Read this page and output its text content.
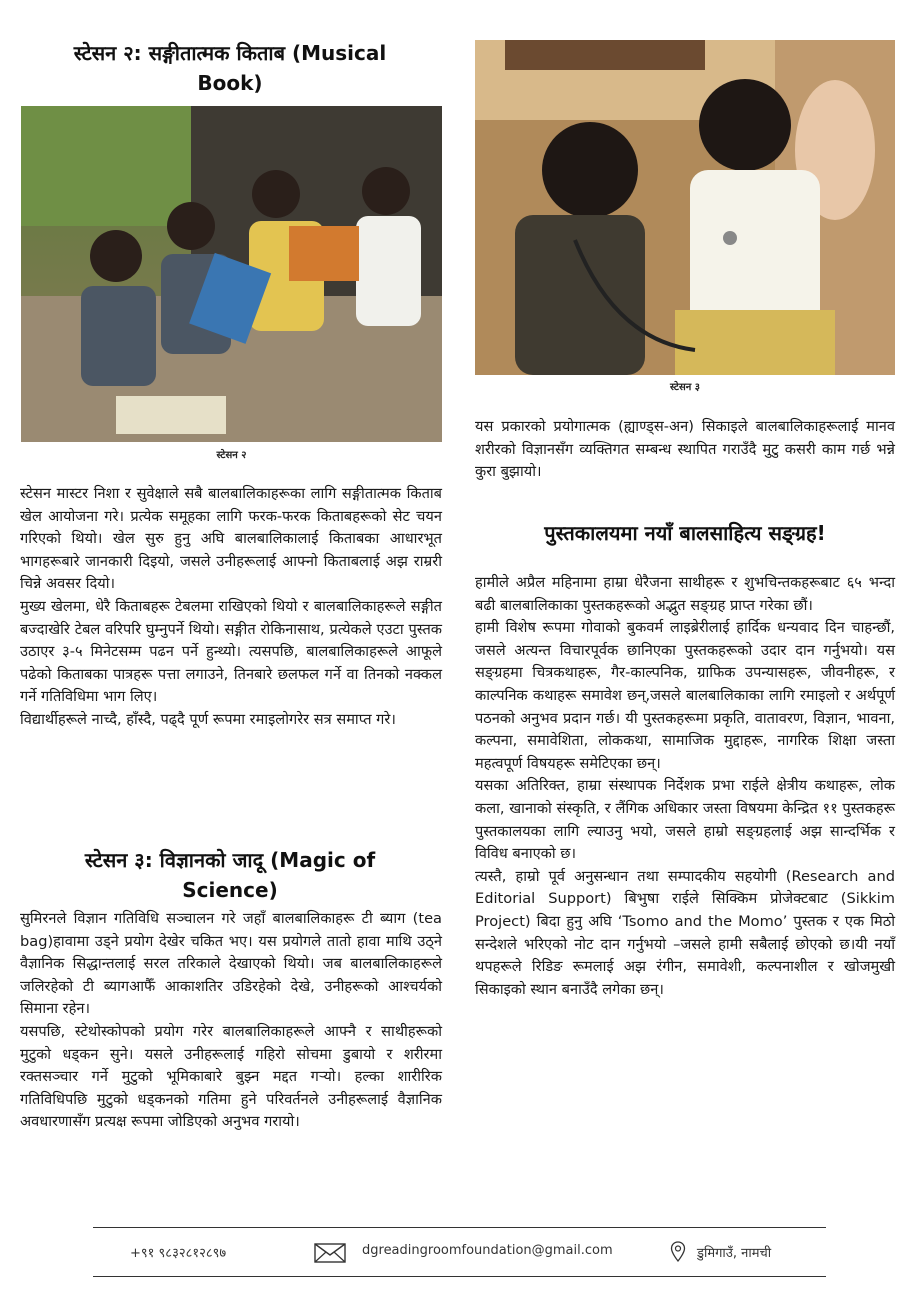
स्टेसन २: सङ्गीतात्मक किताब (Musical Book)
स्टेसन २

स्टेसन मास्टर निशा र सुवेक्षाले सबै बालबालिकाहरूका लागि सङ्गीतात्मक किताब खेल आयोजना गरे। प्रत्येक समूहका लागि फरक-फरक किताबहरूको सेट चयन गरिएको थियो। खेल सुरु हुनु अघि बालबालिकालाई किताबका आधारभूत भागहरूबारे जानकारी दिइयो, जसले उनीहरूलाई आफ्नो किताबलाई अझ राम्ररी चिन्ने अवसर दियो।

मुख्य खेलमा, धेरै किताबहरू टेबलमा राखिएको थियो र बालबालिकाहरूले सङ्गीत बज्दाखेरि टेबल वरिपरि घुम्नुपर्ने थियो। सङ्गीत रोकिनासाथ, प्रत्येकले एउटा पुस्तक उठाएर ३-५ मिनेटसम्म पढन पर्ने हुन्थ्यो। त्यसपछि, बालबालिकाहरूले आफूले पढेको किताबका पात्रहरू पत्ता लगाउने, तिनबारे छलफल गर्ने वा तिनको नक्कल गर्ने गतिविधिमा भाग लिए।

विद्यार्थीहरूले नाच्दै, हाँस्दै, पढ्दै पूर्ण रूपमा रमाइलोगरेर सत्र समाप्त गरे।

स्टेसन ३: विज्ञानको जादू (Magic of Science)

सुमिरनले विज्ञान गतिविधि सञ्चालन गरे जहाँ बालबालिकाहरू टी ब्याग (tea bag)हावामा उड्ने प्रयोग देखेर चकित भए। यस प्रयोगले तातो हावा माथि उठ्ने वैज्ञानिक सिद्धान्तलाई सरल तरिकाले देखाएको थियो। जब बालबालिकाहरूले जलिरहेको टी ब्यागआफैँ आकाशतिर उडिरहेको देखे, उनीहरूको आश्चर्यको सिमाना रहेन।

यसपछि, स्टेथोस्कोपको प्रयोग गरेर बालबालिकाहरूले आफ्नै र साथीहरूको मुटुको धड्कन सुने। यसले उनीहरूलाई गहिरो सोचमा डुबायो र शरीरमा रक्तसञ्चार गर्ने मुटुको भूमिकाबारे बुझ्न मद्दत गर्‍यो। हल्का शारीरिक गतिविधिपछि मुटुको धड्कनको गतिमा हुने परिवर्तनले उनीहरूलाई वैज्ञानिक अवधारणासँग प्रत्यक्ष रूपमा जोडिएको अनुभव गरायो।

स्टेसन ३

यस प्रकारको प्रयोगात्मक (ह्याण्ड्स-अन) सिकाइले बालबालिकाहरूलाई मानव शरीरको विज्ञानसँग व्यक्तिगत सम्बन्ध स्थापित गराउँदै मुटु कसरी काम गर्छ भन्ने कुरा बुझायो।

पुस्तकालयमा नयाँ बालसाहित्य सङ्ग्रह!

हामीले अप्रैल महिनामा हाम्रा धेरैजना साथीहरू र शुभचिन्तकहरूबाट ६५ भन्दा बढी बालबालिकाका पुस्तकहरूको अद्भुत सङ्ग्रह प्राप्त गरेका छौं।

हामी विशेष रूपमा गोवाको बुकवर्म लाइब्रेरीलाई हार्दिक धन्यवाद दिन चाहन्छौं, जसले अत्यन्त विचारपूर्वक छानिएका पुस्तकहरूको उदार दान गर्नुभयो। यस सङ्ग्रहमा चित्रकथाहरू, गैर-काल्पनिक, ग्राफिक उपन्यासहरू, जीवनीहरू, र काल्पनिक कथाहरू समावेश छन्,जसले बालबालिकाका लागि रमाइलो र अर्थपूर्ण पठनको अनुभव प्रदान गर्छ। यी पुस्तकहरूमा प्रकृति, वातावरण, विज्ञान, भावना, कल्पना, समावेशिता, लोककथा, सामाजिक मुद्दाहरू, नागरिक शिक्षा जस्ता महत्वपूर्ण विषयहरू समेटिएका छन्।

यसका अतिरिक्त, हाम्रा संस्थापक निर्देशक प्रभा राईले क्षेत्रीय कथाहरू, लोक कला, खानाको संस्कृति, र लैंगिक अधिकार जस्ता विषयमा केन्द्रित ११ पुस्तकहरू पुस्तकालयका लागि ल्याउनु भयो, जसले हाम्रो सङ्ग्रहलाई अझ सान्दर्भिक र विविध बनाएको छ।

त्यस्तै, हाम्रो पूर्व अनुसन्धान तथा सम्पादकीय सहयोगी (Research and Editorial Support) बिभुषा राईले सिक्किम प्रोजेक्टबाट (Sikkim Project) बिदा हुनु अघि ‘Tsomo and the Momo’ पुस्तक र एक मिठो सन्देशले भरिएको नोट दान गर्नुभयो –जसले हामी सबैलाई छोएको छ।यी नयाँ थपहरूले रिडिङ रूमलाई अझ रंगीन, समावेशी, कल्पनाशील र खोजमुखी सिकाइको स्थान बनाउँदै लगेका छन्।

+९१ ९८३२८१२८९७	dgreadingroomfoundation@gmail.com	डुमिगाउँ, नामची
